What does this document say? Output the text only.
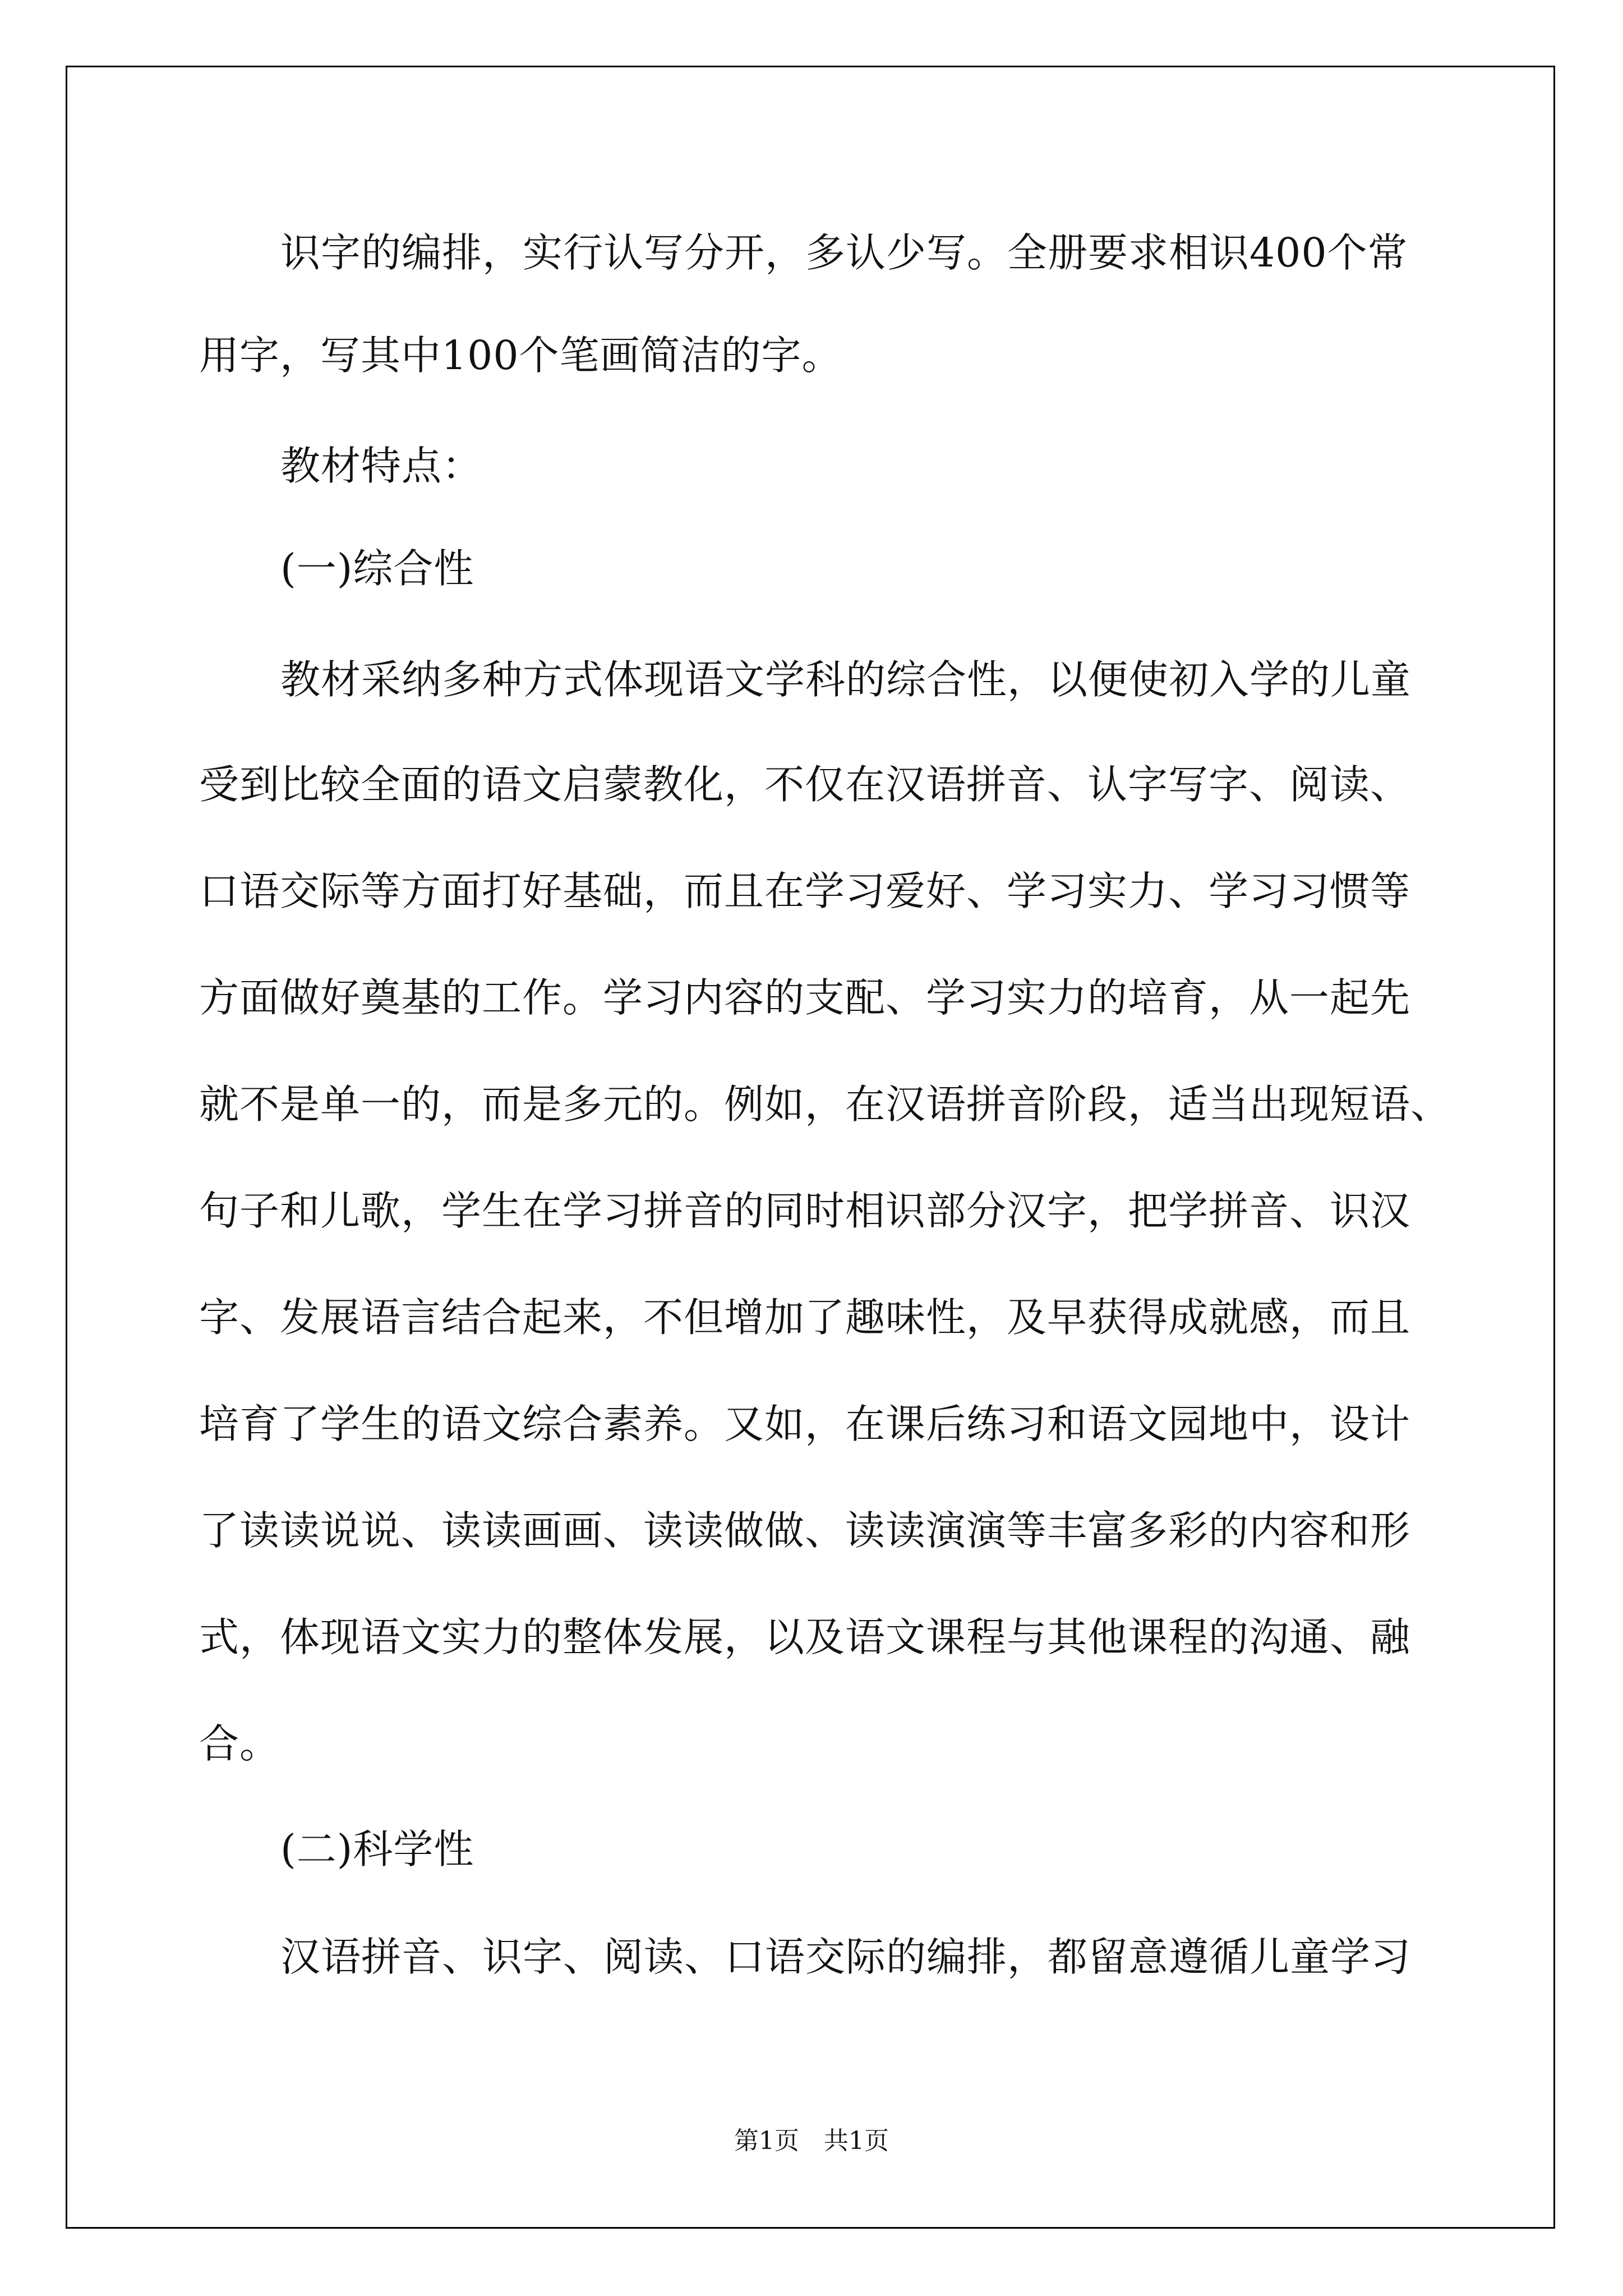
识字的编排，实行认写分开，多认少写。全册要求相识400个常

用字，写其中100个笔画简洁的字。

教材特点：

(一)综合性

教材采纳多种方式体现语文学科的综合性，以便使初入学的儿童

受到比较全面的语文启蒙教化，不仅在汉语拼音、认字写字、阅读、

口语交际等方面打好基础，而且在学习爱好、学习实力、学习习惯等

方面做好奠基的工作。学习内容的支配、学习实力的培育，从一起先

就不是单一的，而是多元的。例如，在汉语拼音阶段，适当出现短语、

句子和儿歌，学生在学习拼音的同时相识部分汉字，把学拼音、识汉

字、发展语言结合起来，不但增加了趣味性，及早获得成就感，而且

培育了学生的语文综合素养。又如，在课后练习和语文园地中，设计

了读读说说、读读画画、读读做做、读读演演等丰富多彩的内容和形

式，体现语文实力的整体发展，以及语文课程与其他课程的沟通、融

合。

(二)科学性

汉语拼音、识字、阅读、口语交际的编排，都留意遵循儿童学习

第1页 共1页
